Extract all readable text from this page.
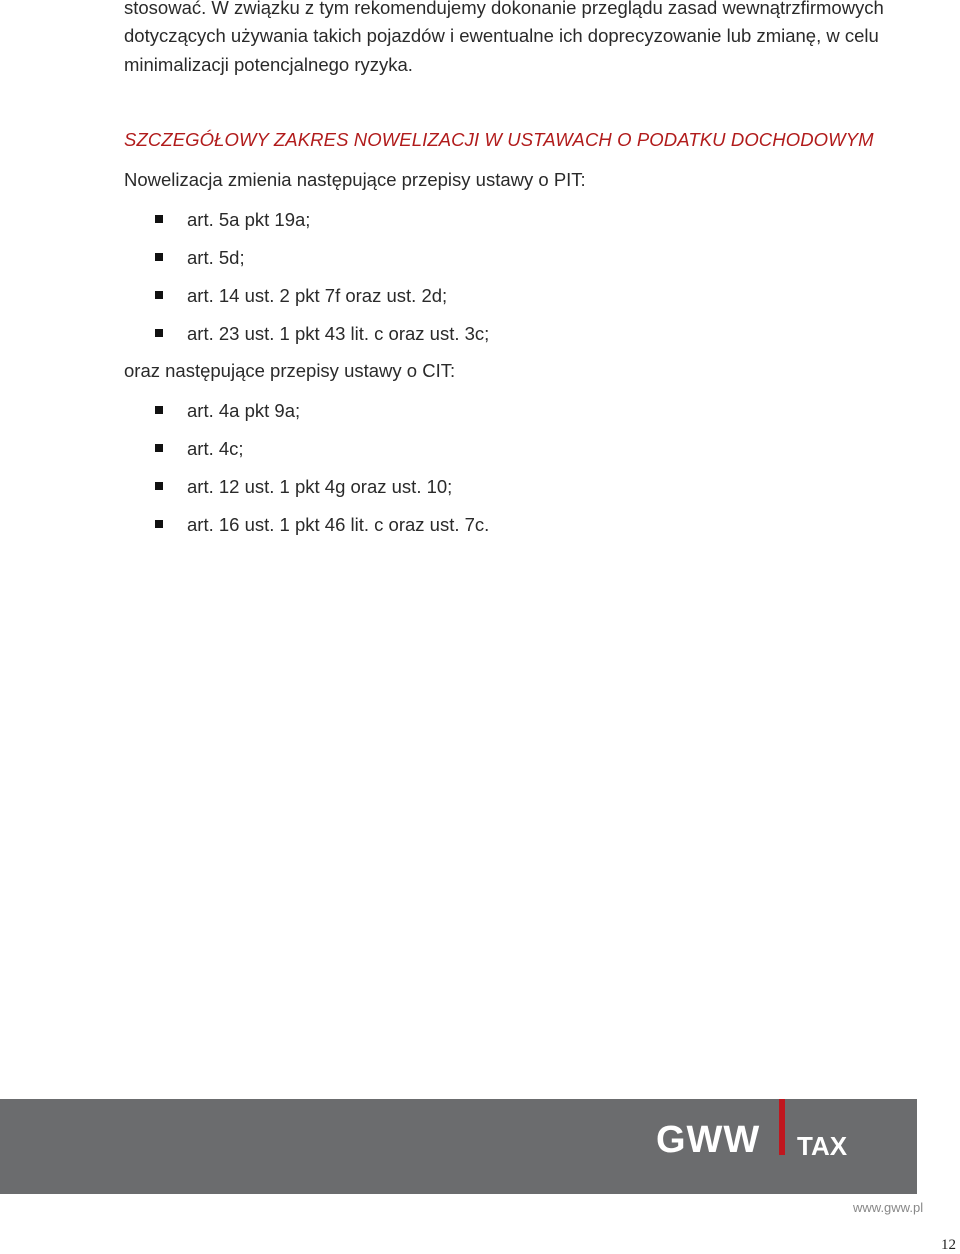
stosować. W związku z tym rekomendujemy dokonanie przeglądu zasad wewnątrzfirmowych

dotyczących używania takich pojazdów i ewentualne ich doprecyzowanie lub zmianę, w celu

minimalizacji potencjalnego ryzyka.

SZCZEGÓŁOWY ZAKRES NOWELIZACJI W USTAWACH O PODATKU DOCHODOWYM

Nowelizacja zmienia następujące przepisy ustawy o PIT:

art. 5a pkt 19a;
art. 5d;
art. 14 ust. 2 pkt 7f oraz ust. 2d;
art. 23 ust. 1 pkt 43 lit. c oraz ust. 3c;

oraz następujące przepisy ustawy o CIT:

art. 4a pkt 9a;
art. 4c;
art. 12 ust. 1 pkt 4g oraz ust. 10;
art. 16 ust. 1 pkt 46 lit. c oraz ust. 7c.
GWW TAX
www.gww.pl
12
